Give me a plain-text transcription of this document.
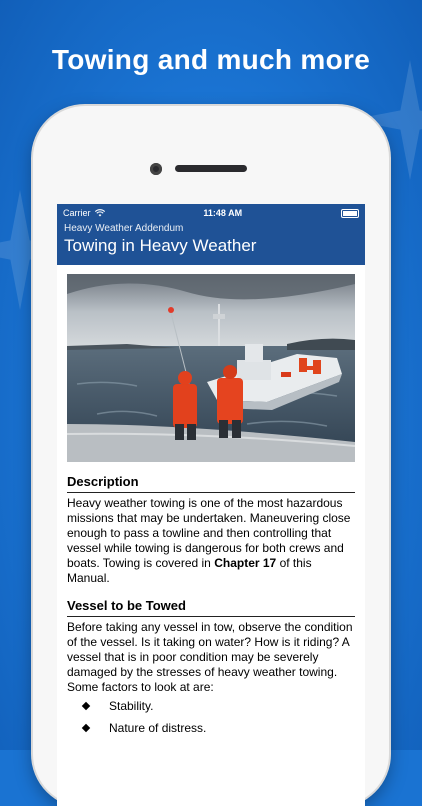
Towing and much more
Carrier	11:48 AM
Heavy Weather Addendum
Towing in Heavy Weather
Description
Heavy weather towing is one of the most hazardous missions that may be undertaken. Maneuvering close enough to pass a towline and then controlling that vessel while towing is dangerous for both crews and boats. Towing is covered in Chapter 17 of this Manual.
Vessel to be Towed
Before taking any vessel in tow, observe the condition of the vessel. Is it taking on water? How is it riding? A vessel that is in poor condition may be severely damaged by the stresses of heavy weather towing. Some factors to look at are:
Stability.
Nature of distress.
